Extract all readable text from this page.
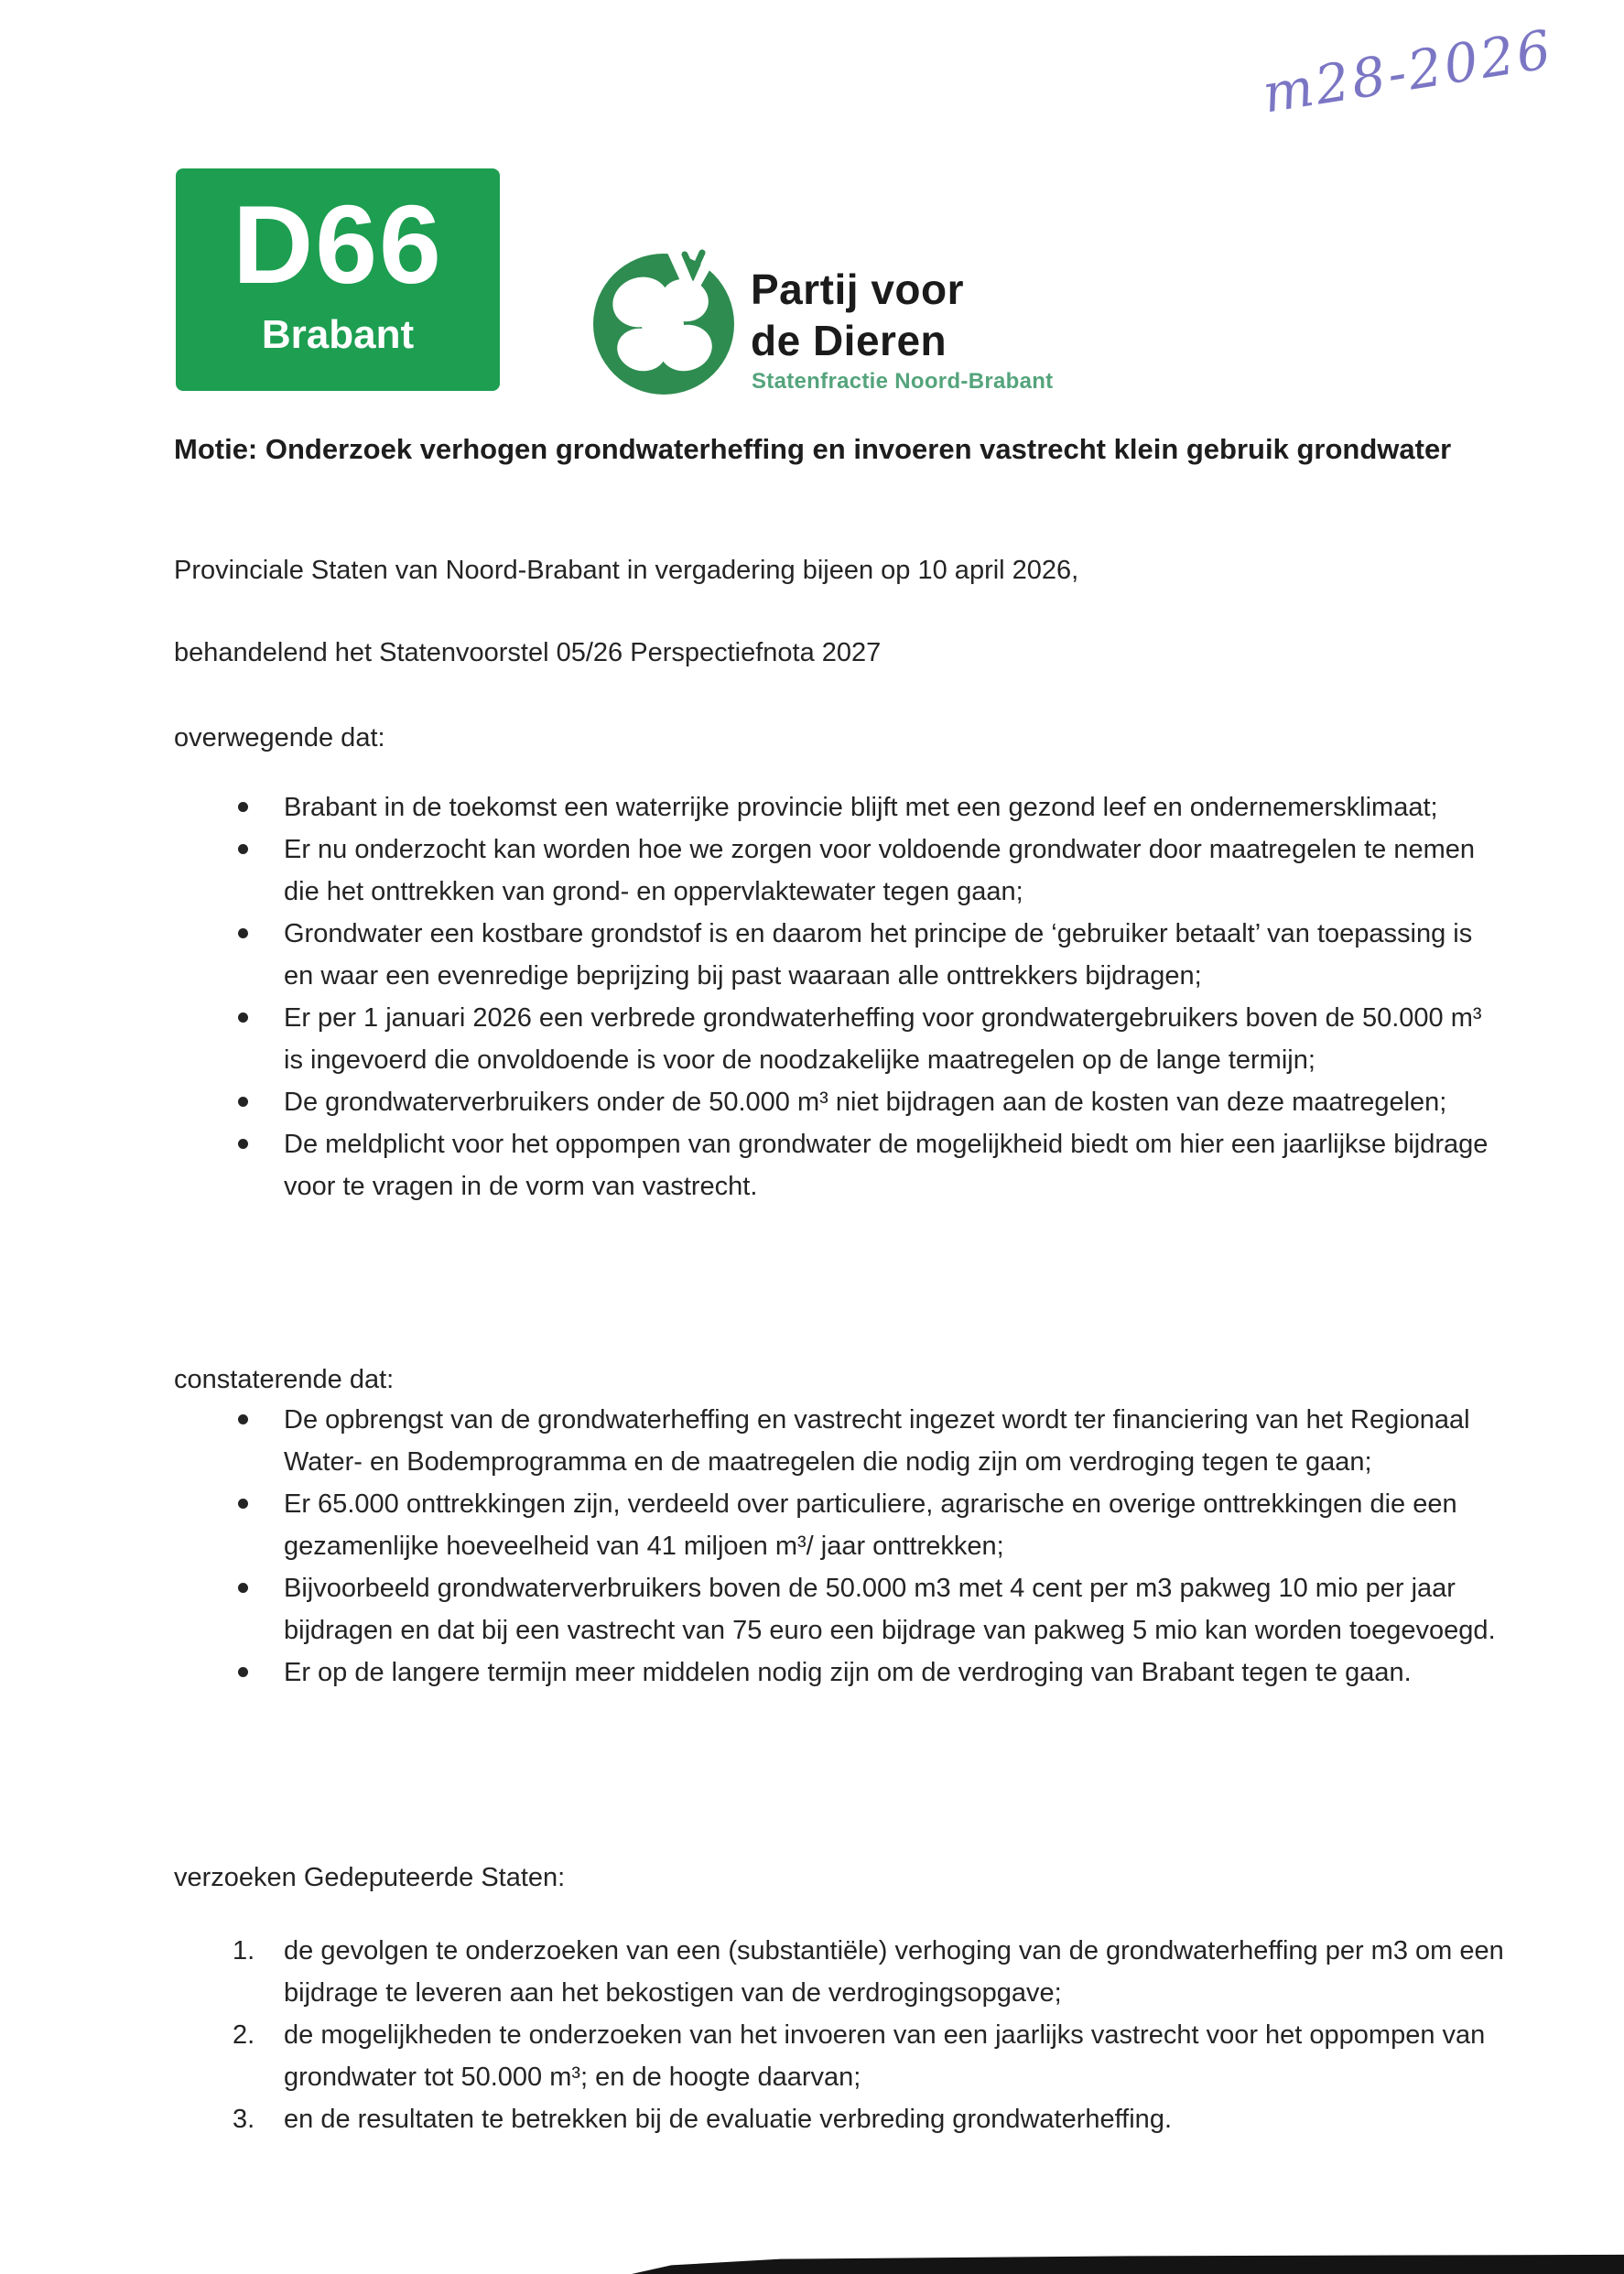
m28-2026
D66
Brabant
Partij voor
de Dieren
Statenfractie Noord-Brabant
Motie: Onderzoek verhogen grondwaterheffing en invoeren vastrecht klein gebruik grondwater
Provinciale Staten van Noord-Brabant in vergadering bijeen op 10 april 2026,
behandelend het Statenvoorstel 05/26 Perspectiefnota 2027
overwegende dat:
Brabant in de toekomst een waterrijke provincie blijft met een gezond leef en ondernemersklimaat;
Er nu onderzocht kan worden hoe we zorgen voor voldoende grondwater door maatregelen te nemen die het onttrekken van grond- en oppervlaktewater tegen gaan;
Grondwater een kostbare grondstof is en daarom het principe de ‘gebruiker betaalt’ van toepassing is en waar een evenredige beprijzing bij past waaraan alle onttrekkers bijdragen;
Er per 1 januari 2026 een verbrede grondwaterheffing voor grondwatergebruikers boven de 50.000 m³ is ingevoerd die onvoldoende is voor de noodzakelijke maatregelen op de lange termijn;
De grondwaterverbruikers onder de 50.000 m³ niet bijdragen aan de kosten van deze maatregelen;
De meldplicht voor het oppompen van grondwater de mogelijkheid biedt om hier een jaarlijkse bijdrage voor te vragen in de vorm van vastrecht.
constaterende dat:
De opbrengst van de grondwaterheffing en vastrecht ingezet wordt ter financiering van het Regionaal Water- en Bodemprogramma en de maatregelen die nodig zijn om verdroging tegen te gaan;
Er 65.000 onttrekkingen zijn, verdeeld over particuliere, agrarische en overige onttrekkingen die een gezamenlijke hoeveelheid van 41 miljoen m³/ jaar onttrekken;
Bijvoorbeeld grondwaterverbruikers boven de 50.000 m3 met 4 cent per m3 pakweg 10 mio per jaar bijdragen en dat bij een vastrecht van 75 euro een bijdrage van pakweg 5 mio kan worden toegevoegd.
Er op de langere termijn meer middelen nodig zijn om de verdroging van Brabant tegen te gaan.
verzoeken Gedeputeerde Staten:
de gevolgen te onderzoeken van een (substantiële) verhoging van de grondwaterheffing per m3 om een bijdrage te leveren aan het bekostigen van de verdrogingsopgave;
de mogelijkheden te onderzoeken van het invoeren van een jaarlijks vastrecht voor het oppompen van grondwater tot 50.000 m³; en de hoogte daarvan;
en de resultaten te betrekken bij de evaluatie verbreding grondwaterheffing.
